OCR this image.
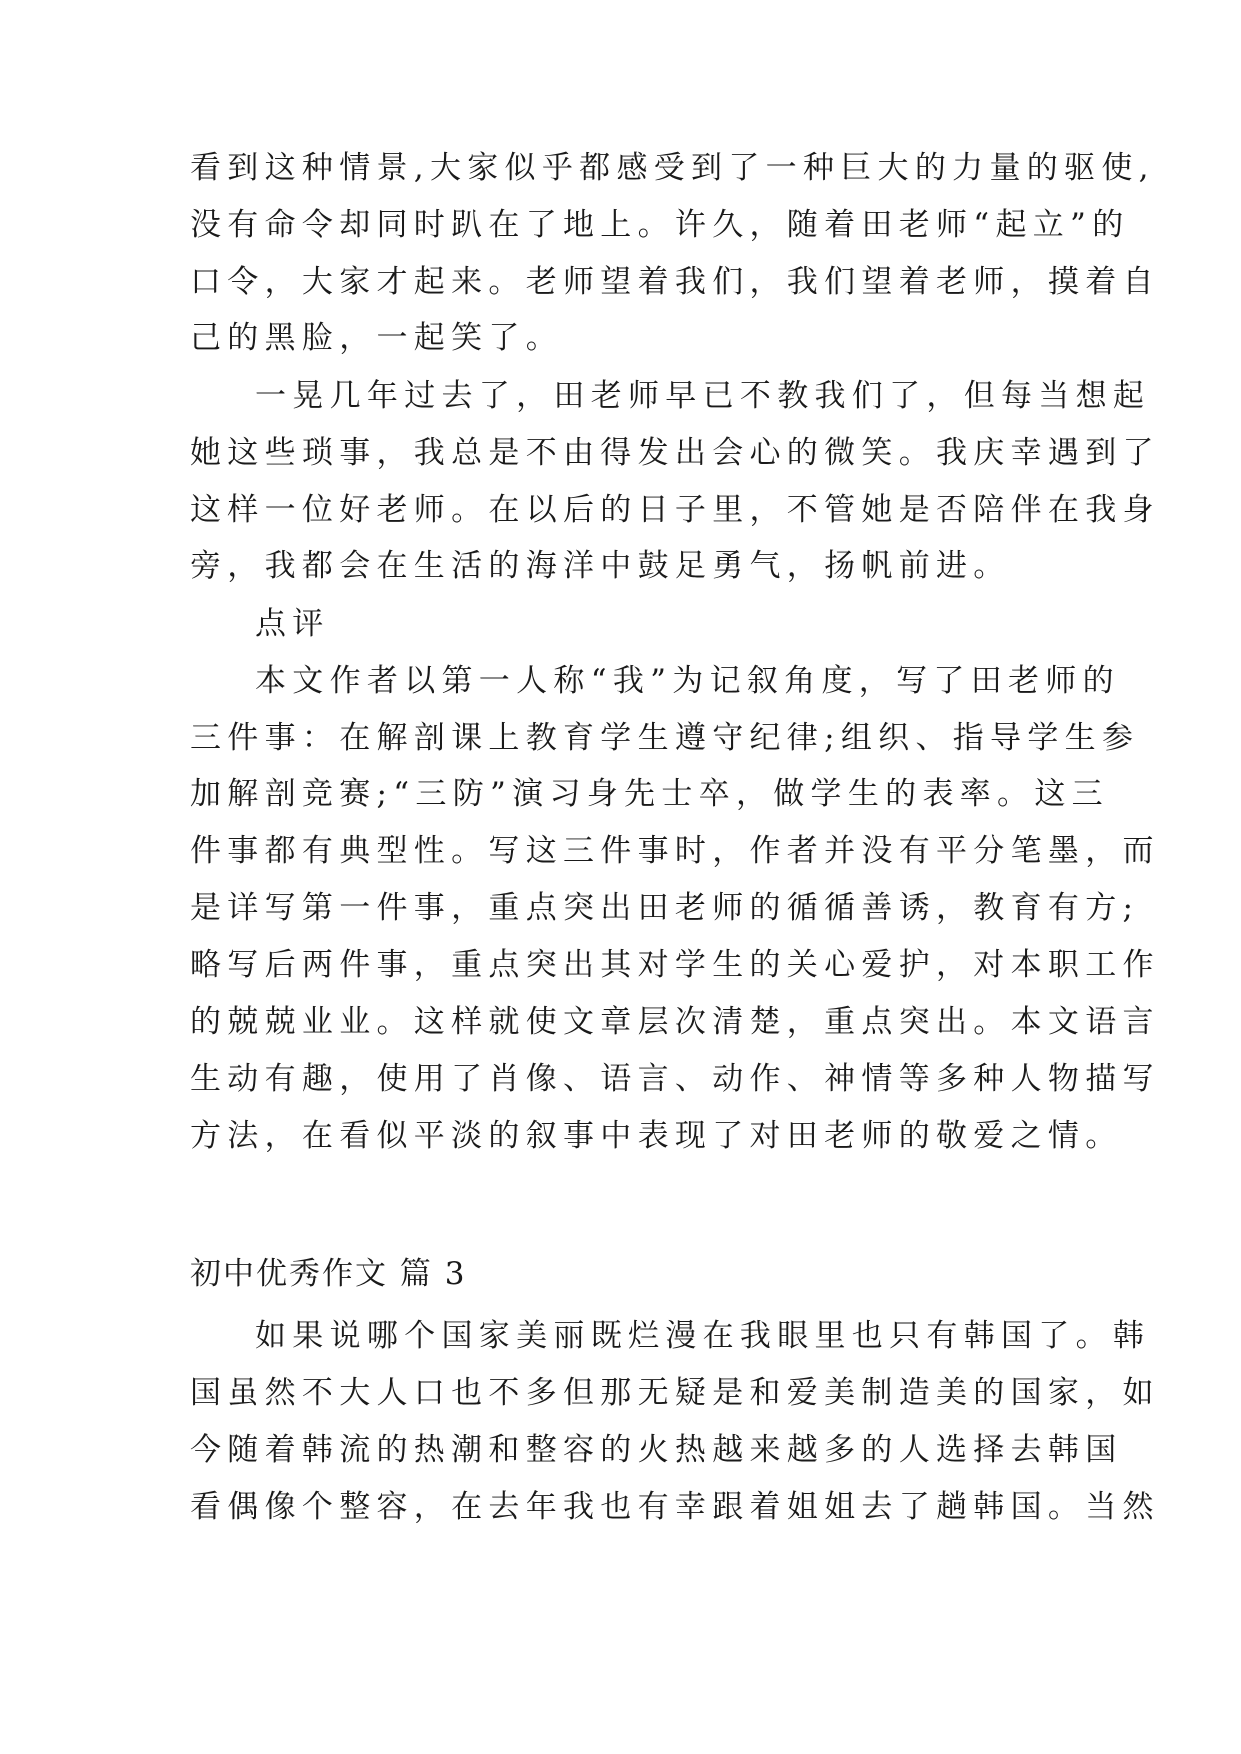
看到这种情景,大家似乎都感受到了一种巨大的力量的驱使,
没有命令却同时趴在了地上。许久，随着田老师“起立”的
口令，大家才起来。老师望着我们，我们望着老师，摸着自
己的黑脸，一起笑了。
一晃几年过去了，田老师早已不教我们了，但每当想起
她这些琐事，我总是不由得发出会心的微笑。我庆幸遇到了
这样一位好老师。在以后的日子里，不管她是否陪伴在我身
旁，我都会在生活的海洋中鼓足勇气，扬帆前进。
点评
本文作者以第一人称“我”为记叙角度，写了田老师的
三件事：在解剖课上教育学生遵守纪律;组织、指导学生参
加解剖竞赛;“三防”演习身先士卒，做学生的表率。这三
件事都有典型性。写这三件事时，作者并没有平分笔墨，而
是详写第一件事，重点突出田老师的循循善诱，教育有方;
略写后两件事，重点突出其对学生的关心爱护，对本职工作
的兢兢业业。这样就使文章层次清楚，重点突出。本文语言
生动有趣，使用了肖像、语言、动作、神情等多种人物描写
方法，在看似平淡的叙事中表现了对田老师的敬爱之情。
初中优秀作文 篇 3
如果说哪个国家美丽既烂漫在我眼里也只有韩国了。韩
国虽然不大人口也不多但那无疑是和爱美制造美的国家，如
今随着韩流的热潮和整容的火热越来越多的人选择去韩国
看偶像个整容，在去年我也有幸跟着姐姐去了趟韩国。当然
